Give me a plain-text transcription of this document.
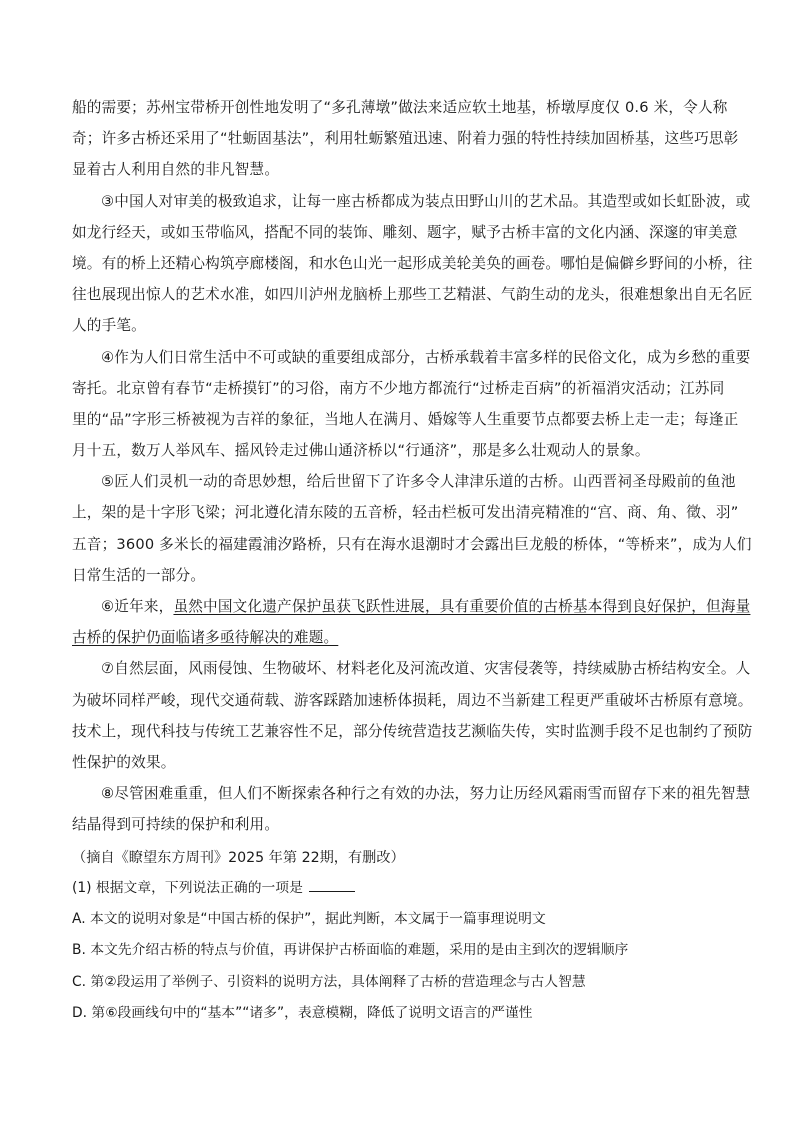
船的需要；苏州宝带桥开创性地发明了“多孔薄墩”做法来适应软土地基，桥墩厚度仅 0.6 米，令人称
奇；许多古桥还采用了“牡蛎固基法”，利用牡蛎繁殖迅速、附着力强的特性持续加固桥基，这些巧思彰
显着古人利用自然的非凡智慧。
③中国人对审美的极致追求，让每一座古桥都成为装点田野山川的艺术品。其造型或如长虹卧波，或
如龙行经天，或如玉带临风，搭配不同的装饰、雕刻、题字，赋予古桥丰富的文化内涵、深邃的审美意
境。有的桥上还精心构筑亭廊楼阁，和水色山光一起形成美轮美奂的画卷。哪怕是偏僻乡野间的小桥，往
往也展现出惊人的艺术水准，如四川泸州龙脑桥上那些工艺精湛、气韵生动的龙头，很难想象出自无名匠
人的手笔。
④作为人们日常生活中不可或缺的重要组成部分，古桥承载着丰富多样的民俗文化，成为乡愁的重要
寄托。北京曾有春节“走桥摸钉”的习俗，南方不少地方都流行“过桥走百病”的祈福消灾活动；江苏同
里的“品”字形三桥被视为吉祥的象征，当地人在满月、婚嫁等人生重要节点都要去桥上走一走；每逢正
月十五，数万人举风车、摇风铃走过佛山通济桥以“行通济”，那是多么壮观动人的景象。
⑤匠人们灵机一动的奇思妙想，给后世留下了许多令人津津乐道的古桥。山西晋祠圣母殿前的鱼池
上，架的是十字形飞梁；河北遵化清东陵的五音桥，轻击栏板可发出清亮精准的“宫、商、角、徵、羽”
五音；3600 多米长的福建霞浦汐路桥，只有在海水退潮时才会露出巨龙般的桥体，“等桥来”，成为人们
日常生活的一部分。
⑥近年来，虽然中国文化遗产保护虽获飞跃性进展，具有重要价值的古桥基本得到良好保护，但海量
古桥的保护仍面临诸多亟待解决的难题。
⑦自然层面，风雨侵蚀、生物破坏、材料老化及河流改道、灾害侵袭等，持续威胁古桥结构安全。人
为破坏同样严峻，现代交通荷载、游客踩踏加速桥体损耗，周边不当新建工程更严重破坏古桥原有意境。
技术上，现代科技与传统工艺兼容性不足，部分传统营造技艺濒临失传，实时监测手段不足也制约了预防
性保护的效果。
⑧尽管困难重重，但人们不断探索各种行之有效的办法，努力让历经风霜雨雪而留存下来的祖先智慧
结晶得到可持续的保护和利用。
（摘自《瞭望东方周刊》2025 年第 22期，有删改）
(1) 根据文章，下列说法正确的一项是
A. 本文的说明对象是“中国古桥的保护”，据此判断，本文属于一篇事理说明文
B. 本文先介绍古桥的特点与价值，再讲保护古桥面临的难题，采用的是由主到次的逻辑顺序
C. 第②段运用了举例子、引资料的说明方法，具体阐释了古桥的营造理念与古人智慧
D. 第⑥段画线句中的“基本”“诸多”，表意模糊，降低了说明文语言的严谨性
